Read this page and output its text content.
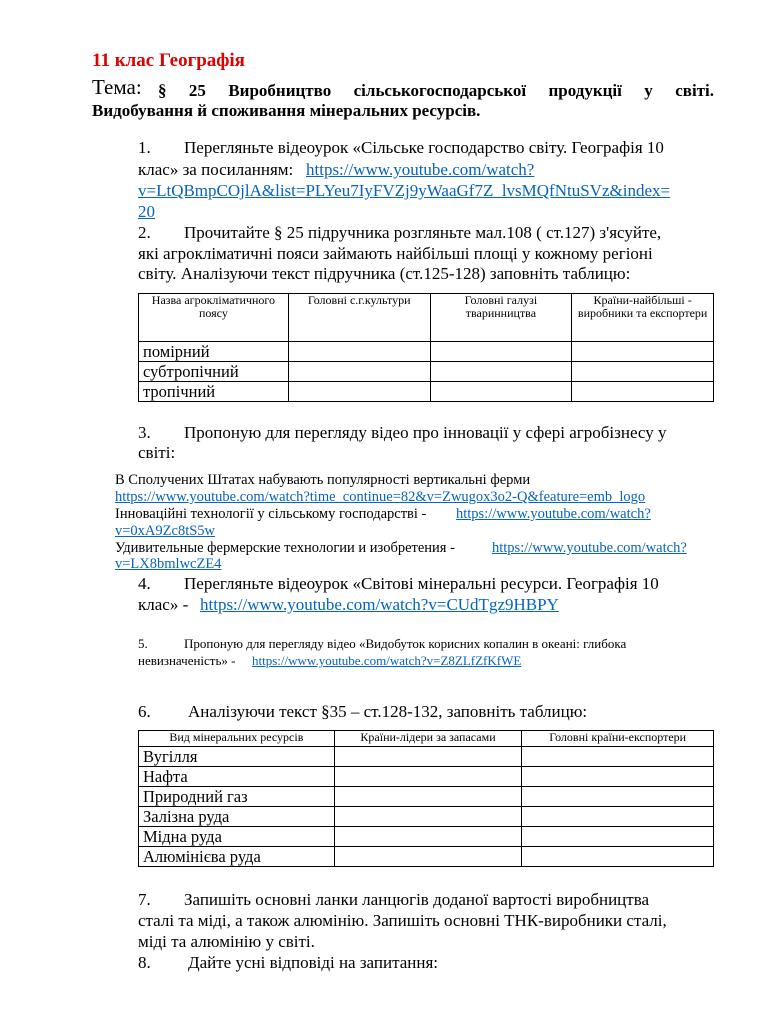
11 клас Географія
Тема: § 25 Виробництво сільськогосподарської продукції у світі.
Видобування й споживання мінеральних ресурсів.
1. Перегляньте відеоурок «Сільське господарство світу. Географія 10
клас» за посиланням: https://www.youtube.com/watch?
v=LtQBmpCOjlA&list=PLYeu7IyFVZj9yWaaGf7Z_lvsMQfNtuSVz&index=
20
2. Прочитайте § 25 підручника розгляньте мал.108 ( ст.127) з'ясуйте,
які агрокліматичні пояси займають найбільші площі у кожному регіоні
світу. Аналізуючи текст підручника (ст.125-128) заповніть таблицю:
Назва агрокліматичного поясу	Головні с.г.культури	Головні галузі тваринництва	Країни-найбільші - виробники та експортери
помірний			
субтропічний			
тропічний			
3. Пропоную для перегляду відео про інновації у сфері агробізнесу у
світі:
В Сполучених Штатах набувають популярності вертикальні ферми
https://www.youtube.com/watch?time_continue=82&v=Zwugox3o2-Q&feature=emb_logo
Інноваційні технології у сільському господарстві - https://www.youtube.com/watch?
v=0xA9Zc8tS5w
Удивительные фермерские технологии и изобретения -	https://www.youtube.com/watch?
v=LX8bmlwcZE4
4. Перегляньте відеоурок «Світові мінеральні ресурси. Географія 10
клас» - https://www.youtube.com/watch?v=CUdTgz9HBPY
5.	Пропоную для перегляду відео «Видобуток корисних копалин в океані: глибока
невизначеність» - https://www.youtube.com/watch?v=Z8ZLfZfKfWE
6. Аналізуючи текст §35 – ст.128-132, заповніть таблицю:
Вид мінеральних ресурсів	Країни-лідери за запасами	Головні країни-експортери
Вугілля		
Нафта		
Природний газ		
Залізна руда		
Мідна руда		
Алюмінієва руда		
7. Запишіть основні ланки ланцюгів доданої вартості виробництва
сталі та міді, а також алюмінію. Запишіть основні ТНК-виробники сталі,
міді та алюмінію у світі.
8. Дайте усні відповіді на запитання:
